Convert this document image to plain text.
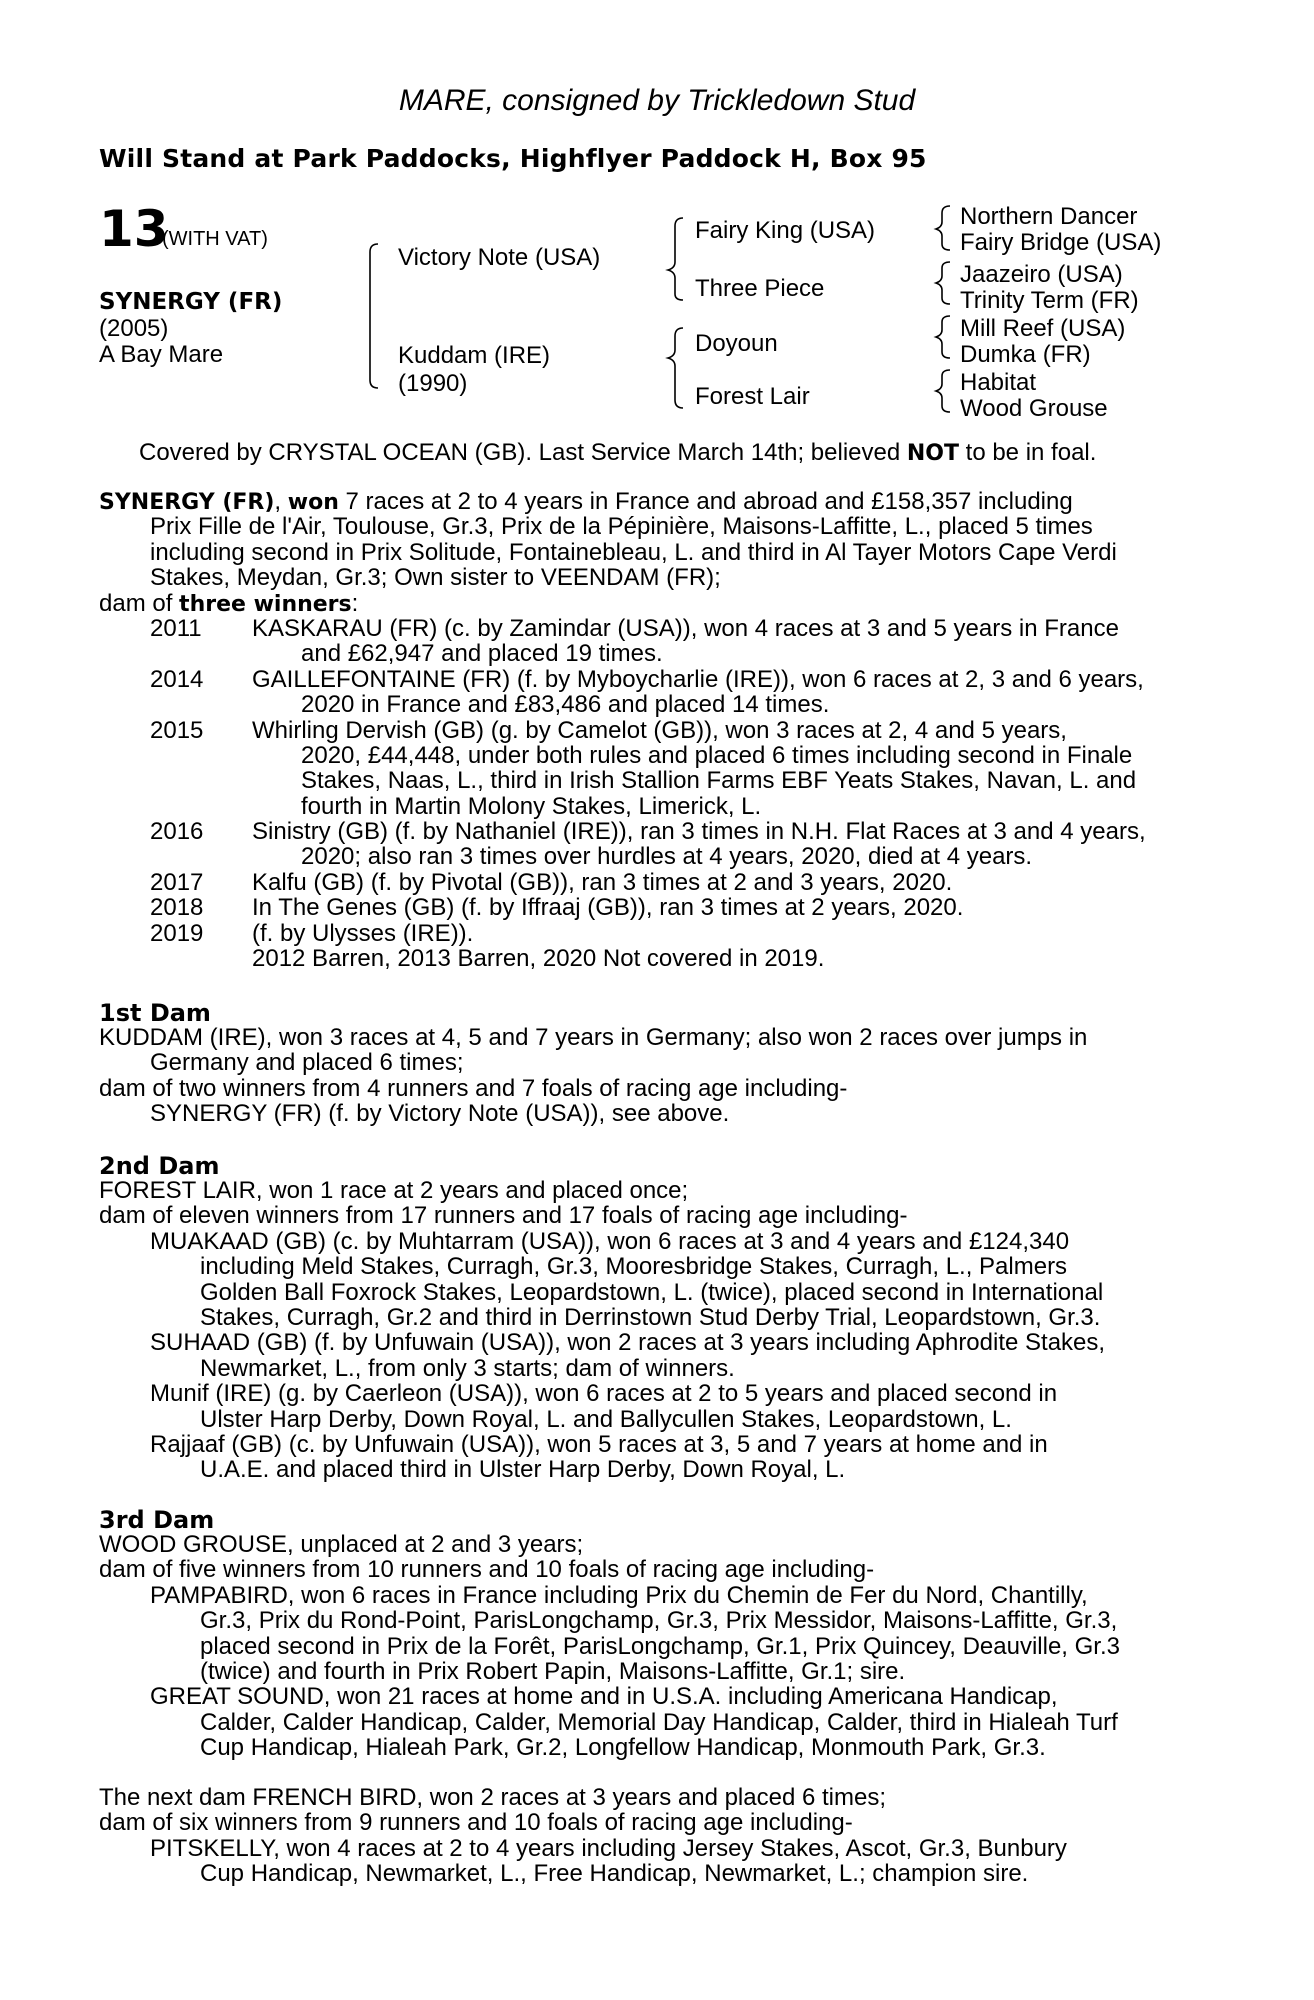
MARE, consigned by Trickledown Stud
Will Stand at Park Paddocks, Highflyer Paddock H, Box 95
13
(WITH VAT)
SYNERGY (FR)
(2005)
A Bay Mare
Victory Note (USA)
Kuddam (IRE)
(1990)
Fairy King (USA)
Three Piece
Doyoun
Forest Lair
Northern Dancer
Fairy Bridge (USA)
Jaazeiro (USA)
Trinity Term (FR)
Mill Reef (USA)
Dumka (FR)
Habitat
Wood Grouse
Covered by CRYSTAL OCEAN (GB). Last Service March 14th; believed NOT to be in foal.
SYNERGY (FR), won 7 races at 2 to 4 years in France and abroad and £158,357 including
Prix Fille de l'Air, Toulouse, Gr.3, Prix de la Pépinière, Maisons-Laffitte, L., placed 5 times
including second in Prix Solitude, Fontainebleau, L. and third in Al Tayer Motors Cape Verdi
Stakes, Meydan, Gr.3; Own sister to VEENDAM (FR);
dam of three winners:
2011 KASKARAU (FR) (c. by Zamindar (USA)), won 4 races at 3 and 5 years in France
and £62,947 and placed 19 times.
2014 GAILLEFONTAINE (FR) (f. by Myboycharlie (IRE)), won 6 races at 2, 3 and 6 years,
2020 in France and £83,486 and placed 14 times.
2015 Whirling Dervish (GB) (g. by Camelot (GB)), won 3 races at 2, 4 and 5 years,
2020, £44,448, under both rules and placed 6 times including second in Finale
Stakes, Naas, L., third in Irish Stallion Farms EBF Yeats Stakes, Navan, L. and
fourth in Martin Molony Stakes, Limerick, L.
2016 Sinistry (GB) (f. by Nathaniel (IRE)), ran 3 times in N.H. Flat Races at 3 and 4 years,
2020; also ran 3 times over hurdles at 4 years, 2020, died at 4 years.
2017 Kalfu (GB) (f. by Pivotal (GB)), ran 3 times at 2 and 3 years, 2020.
2018 In The Genes (GB) (f. by Iffraaj (GB)), ran 3 times at 2 years, 2020.
2019 (f. by Ulysses (IRE)).
2012 Barren, 2013 Barren, 2020 Not covered in 2019.
1st Dam
KUDDAM (IRE), won 3 races at 4, 5 and 7 years in Germany; also won 2 races over jumps in
Germany and placed 6 times;
dam of two winners from 4 runners and 7 foals of racing age including-
SYNERGY (FR) (f. by Victory Note (USA)), see above.
2nd Dam
FOREST LAIR, won 1 race at 2 years and placed once;
dam of eleven winners from 17 runners and 17 foals of racing age including-
MUAKAAD (GB) (c. by Muhtarram (USA)), won 6 races at 3 and 4 years and £124,340
including Meld Stakes, Curragh, Gr.3, Mooresbridge Stakes, Curragh, L., Palmers
Golden Ball Foxrock Stakes, Leopardstown, L. (twice), placed second in International
Stakes, Curragh, Gr.2 and third in Derrinstown Stud Derby Trial, Leopardstown, Gr.3.
SUHAAD (GB) (f. by Unfuwain (USA)), won 2 races at 3 years including Aphrodite Stakes,
Newmarket, L., from only 3 starts; dam of winners.
Munif (IRE) (g. by Caerleon (USA)), won 6 races at 2 to 5 years and placed second in
Ulster Harp Derby, Down Royal, L. and Ballycullen Stakes, Leopardstown, L.
Rajjaaf (GB) (c. by Unfuwain (USA)), won 5 races at 3, 5 and 7 years at home and in
U.A.E. and placed third in Ulster Harp Derby, Down Royal, L.
3rd Dam
WOOD GROUSE, unplaced at 2 and 3 years;
dam of five winners from 10 runners and 10 foals of racing age including-
PAMPABIRD, won 6 races in France including Prix du Chemin de Fer du Nord, Chantilly,
Gr.3, Prix du Rond-Point, ParisLongchamp, Gr.3, Prix Messidor, Maisons-Laffitte, Gr.3,
placed second in Prix de la Forêt, ParisLongchamp, Gr.1, Prix Quincey, Deauville, Gr.3
(twice) and fourth in Prix Robert Papin, Maisons-Laffitte, Gr.1; sire.
GREAT SOUND, won 21 races at home and in U.S.A. including Americana Handicap,
Calder, Calder Handicap, Calder, Memorial Day Handicap, Calder, third in Hialeah Turf
Cup Handicap, Hialeah Park, Gr.2, Longfellow Handicap, Monmouth Park, Gr.3.
The next dam FRENCH BIRD, won 2 races at 3 years and placed 6 times;
dam of six winners from 9 runners and 10 foals of racing age including-
PITSKELLY, won 4 races at 2 to 4 years including Jersey Stakes, Ascot, Gr.3, Bunbury
Cup Handicap, Newmarket, L., Free Handicap, Newmarket, L.; champion sire.
